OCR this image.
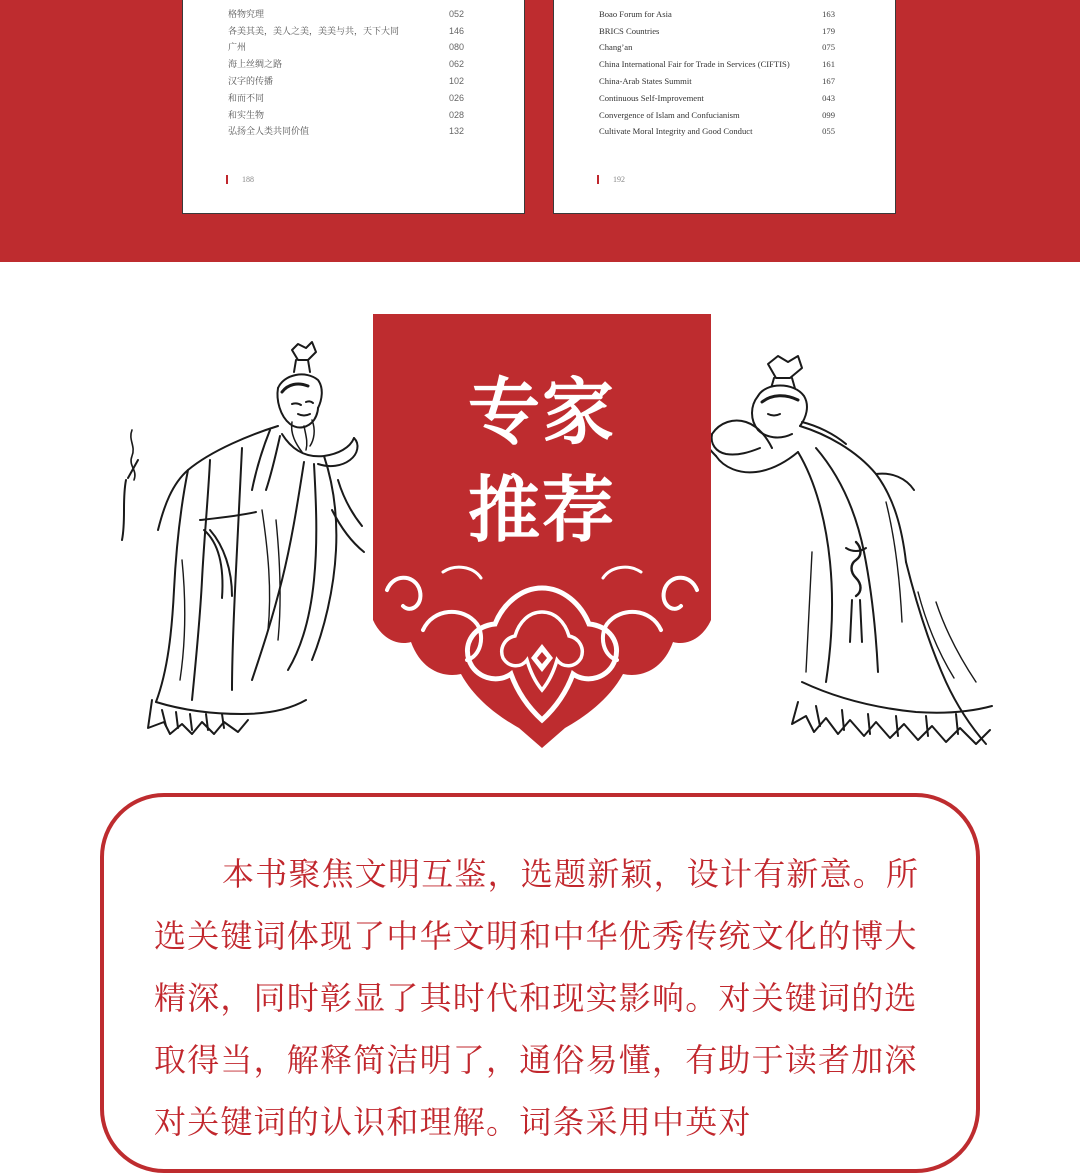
格物究理	052
各美其美，美人之美，美美与共，天下大同	146
广州	080
海上丝绸之路	062
汉字的传播	102
和而不同	026
和实生物	028
弘扬全人类共同价值	132
188
Boao Forum for Asia	163
BRICS Countries	179
Chang’an	075
China International Fair for Trade in Services (CIFTIS)	161
China-Arab States Summit	167
Continuous Self-Improvement	043
Convergence of Islam and Confucianism	099
Cultivate Moral Integrity and Good Conduct	055
192
专家
推荐
本书聚焦文明互鉴，选题新颖，设计有新意。所选关键词体现了中华文明和中华优秀传统文化的博大精深，同时彰显了其时代和现实影响。对关键词的选取得当，解释简洁明了，通俗易懂，有助于读者加深对关键词的认识和理解。词条采用中英对
